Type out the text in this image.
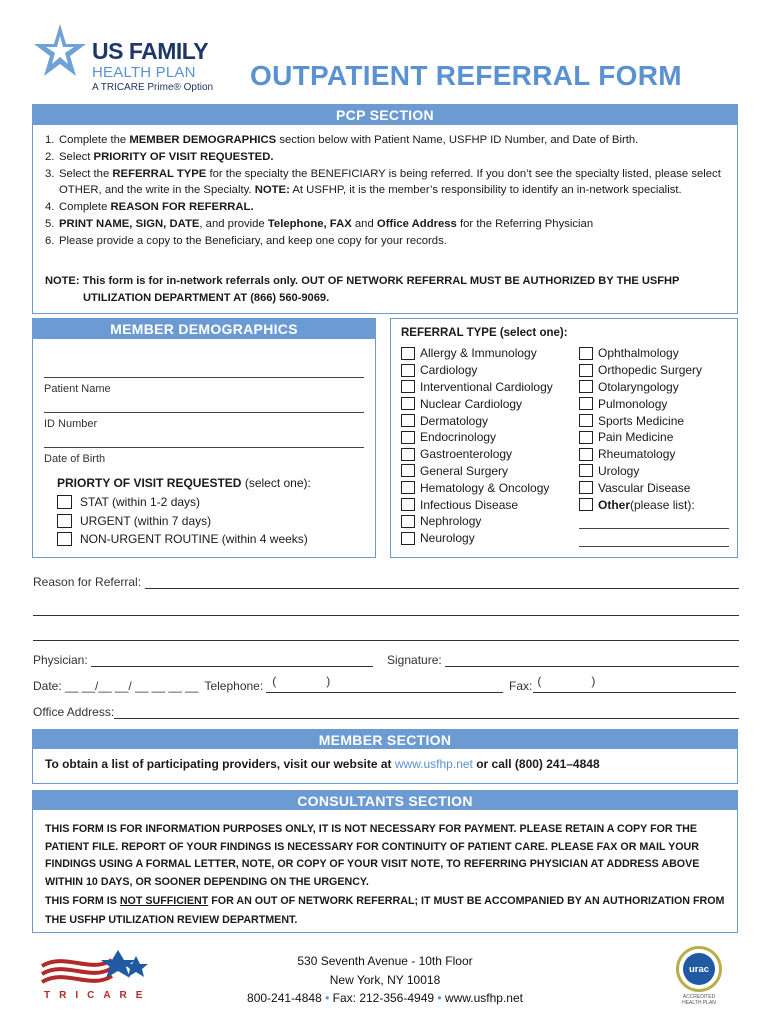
US FAMILY
HEALTH PLAN
A TRICARE Prime® Option OUTPATIENT REFERRAL FORM
PCP SECTION
1. Complete the MEMBER DEMOGRAPHICS section below with Patient Name, USFHP ID Number, and Date of Birth.
2. Select PRIORITY OF VISIT REQUESTED.
3. Select the REFERRAL TYPE for the specialty the BENEFICIARY is being referred. If you don’t see the specialty listed, please select OTHER, and the write in the Specialty. NOTE: At USFHP, it is the member’s responsibility to identify an in-network specialist.
4. Complete REASON FOR REFERRAL.
5. PRINT NAME, SIGN, DATE, and provide Telephone, FAX and Office Address for the Referring Physician
6. Please provide a copy to the Beneficiary, and keep one copy for your records.
NOTE: This form is for in-network referrals only. OUT OF NETWORK REFERRAL MUST BE AUTHORIZED BY THE USFHP
UTILIZATION DEPARTMENT AT (866) 560-9069.
MEMBER DEMOGRAPHICS
Patient Name
ID Number
Date of Birth
PRIORTY OF VISIT REQUESTED (select one):
STAT (within 1-2 days)
URGENT (within 7 days)
NON-URGENT ROUTINE (within 4 weeks)
REFERRAL TYPE (select one):
Allergy & Immunology
Cardiology
Interventional Cardiology
Nuclear Cardiology
Dermatology
Endocrinology
Gastroenterology
General Surgery
Hematology & Oncology
Infectious Disease
Nephrology
Neurology
Ophthalmology
Orthopedic Surgery
Otolaryngology
Pulmonology
Sports Medicine
Pain Medicine
Rheumatology
Urology
Vascular Disease
Other (please list):
Reason for Referral:
Physician:	Signature:
Date: __ __/__ __/ __ __ __ __ Telephone: (	)	Fax: (	)
Office Address:
MEMBER SECTION
To obtain a list of participating providers, visit our website at www.usfhp.net or call (800) 241–4848
CONSULTANTS SECTION
THIS FORM IS FOR INFORMATION PURPOSES ONLY, IT IS NOT NECESSARY FOR PAYMENT. PLEASE RETAIN A COPY FOR THE PATIENT FILE. REPORT OF YOUR FINDINGS IS NECESSARY FOR CONTINUITY OF PATIENT CARE. PLEASE FAX OR MAIL YOUR FINDINGS USING A FORMAL LETTER, NOTE, OR COPY OF YOUR VISIT NOTE, TO REFERRING PHYSICIAN AT ADDRESS ABOVE WITHIN 10 DAYS, OR SOONER DEPENDING ON THE URGENCY.
THIS FORM IS NOT SUFFICIENT FOR AN OUT OF NETWORK REFERRAL; IT MUST BE ACCOMPANIED BY AN AUTHORIZATION FROM THE USFHP UTILIZATION REVIEW DEPARTMENT.
TRICARE
530 Seventh Avenue - 10th Floor
New York, NY 10018
800-241-4848 • Fax: 212-356-4949 • www.usfhp.net
urac
ACCREDITED HEALTH PLAN
